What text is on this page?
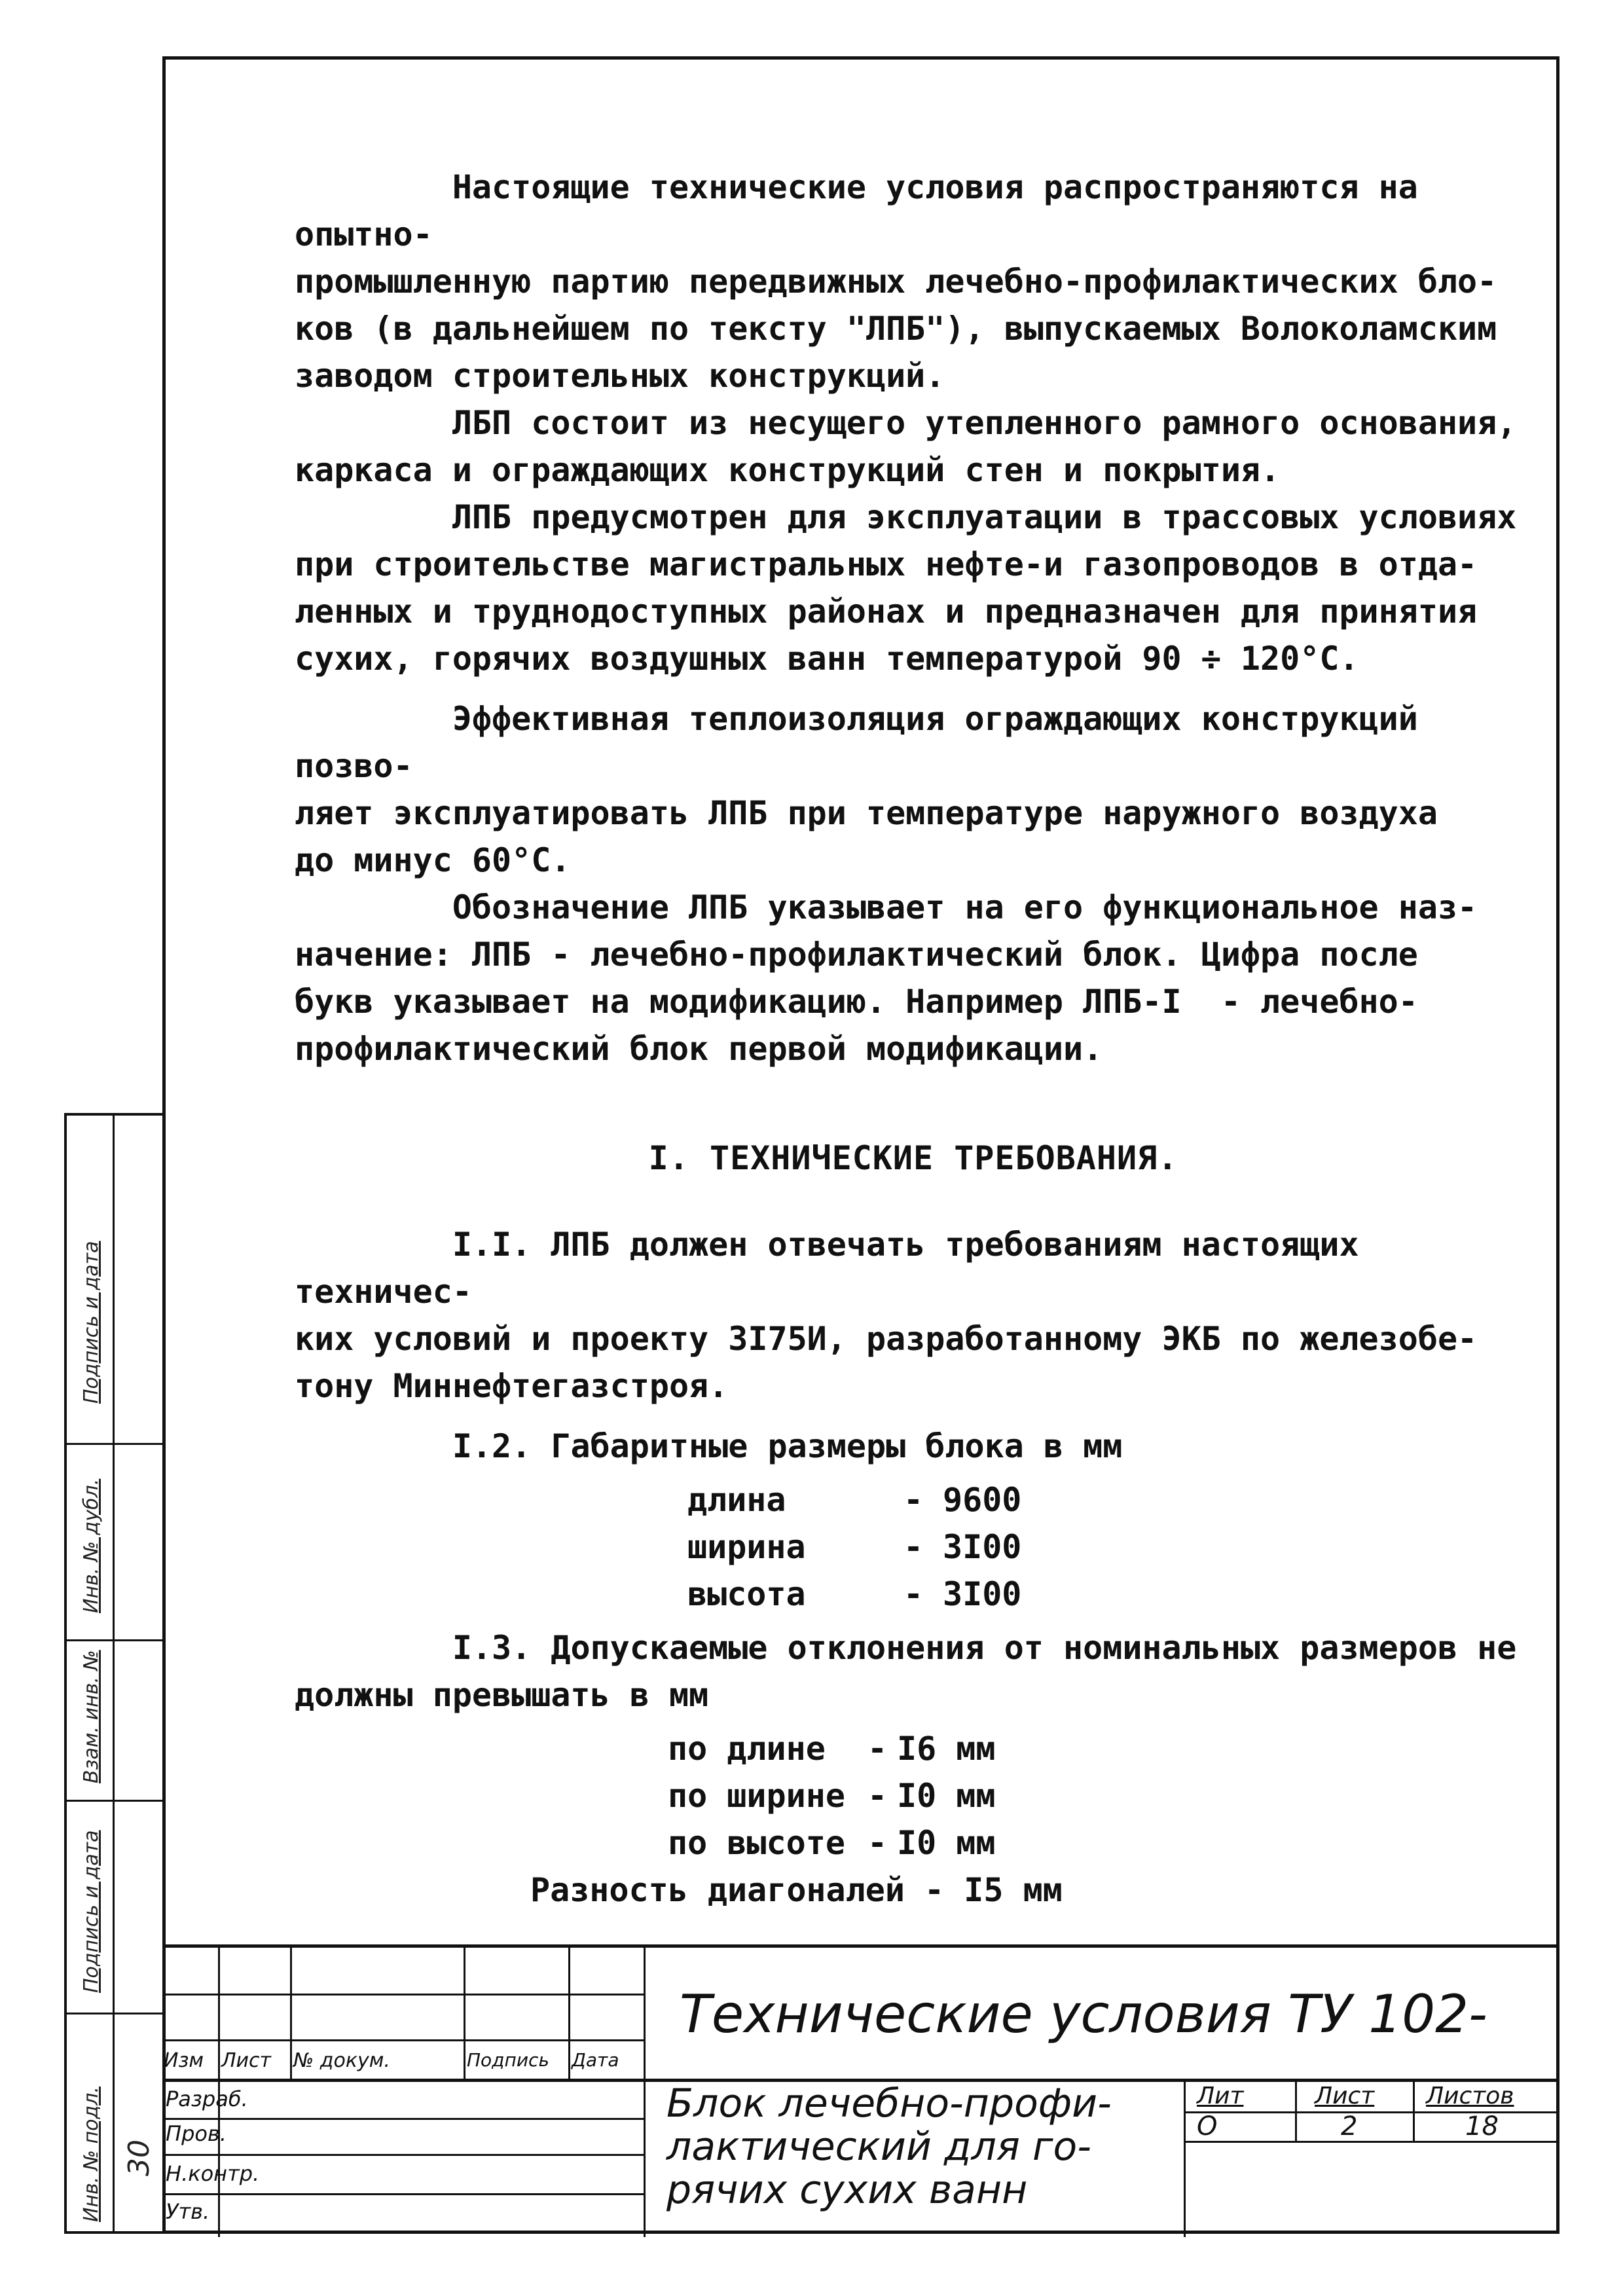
Подпись и дата
Инв. № дубл.
Взам. инв. №
Подпись и дата
Инв. № подл. 30

Настоящие технические условия распространяются на опытно-
промышленную партию передвижных лечебно-профилактических бло-
ков (в дальнейшем по тексту "ЛПБ"), выпускаемых Волоколамским
заводом строительных конструкций.

ЛБП состоит из несущего утепленного рамного основания,
каркаса и ограждающих конструкций стен и покрытия.

ЛПБ предусмотрен для эксплуатации в трассовых условиях
при строительстве магистральных нефте-и газопроводов в отда-
ленных и труднодоступных районах и предназначен для принятия
сухих, горячих воздушных ванн температурой 90 ÷ 120°С.

Эффективная теплоизоляция ограждающих конструкций позво-
ляет эксплуатировать ЛПБ при температуре наружного воздуха
до минус 60°С.

Обозначение ЛПБ указывает на его функциональное наз-
начение: ЛПБ - лечебно-профилактический блок. Цифра после
букв указывает на модификацию. Например ЛПБ-I  - лечебно-
профилактический блок первой модификации.

I. ТЕХНИЧЕСКИЕ ТРЕБОВАНИЯ.

I.I. ЛПБ должен отвечать требованиям настоящих техничес-
ких условий и проекту 3I75И, разработанному ЭКБ по железобе-
тону Миннефтегазстроя.

I.2. Габаритные размеры блока в мм

длина	- 9600
ширина	- 3I00
высота	- 3I00

I.3. Допускаемые отклонения от номинальных размеров не
должны превышать в мм

по длине	- I6 мм
по ширине - I0 мм
по высоте - I0 мм
Разность диагоналей - I5 мм
Изм Лист № докум.	Подпись Дата
Разраб.
Пров.
Н.контр.
Утв.
Технические условия ТУ 102-
Блок лечебно-профи-
лактический для го-
рячих сухих ванн
Лит	Лист Листов
О	2	18
